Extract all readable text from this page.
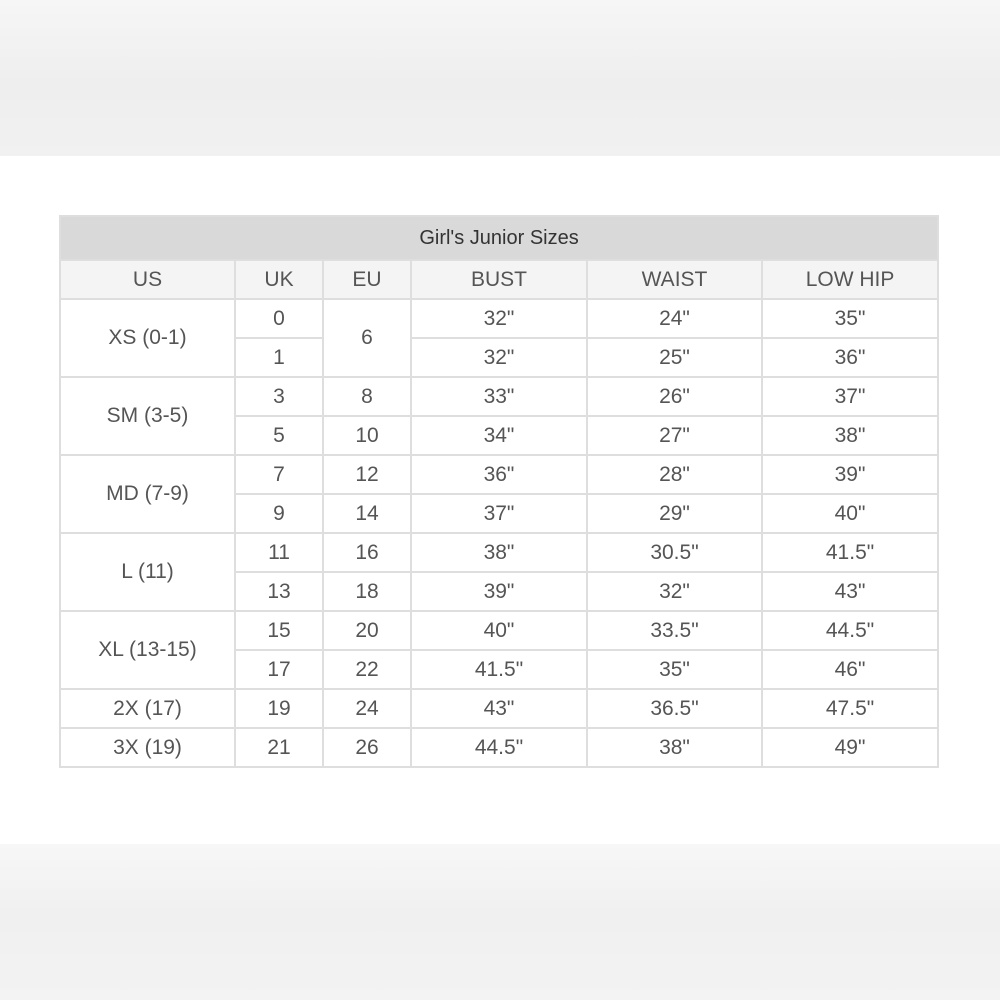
Girl's Junior Sizes					
US	UK	EU	BUST	WAIST	LOW HIP
XS (0-1)	0	6	32"	24"	35"
	1		32"	25"	36"
SM (3-5)	3	8	33"	26"	37"
	5	10	34"	27"	38"
MD (7-9)	7	12	36"	28"	39"
	9	14	37"	29"	40"
L (11)	11	16	38"	30.5"	41.5"
	13	18	39"	32"	43"
XL (13-15)	15	20	40"	33.5"	44.5"
	17	22	41.5"	35"	46"
2X (17)	19	24	43"	36.5"	47.5"
3X (19)	21	26	44.5"	38"	49"
